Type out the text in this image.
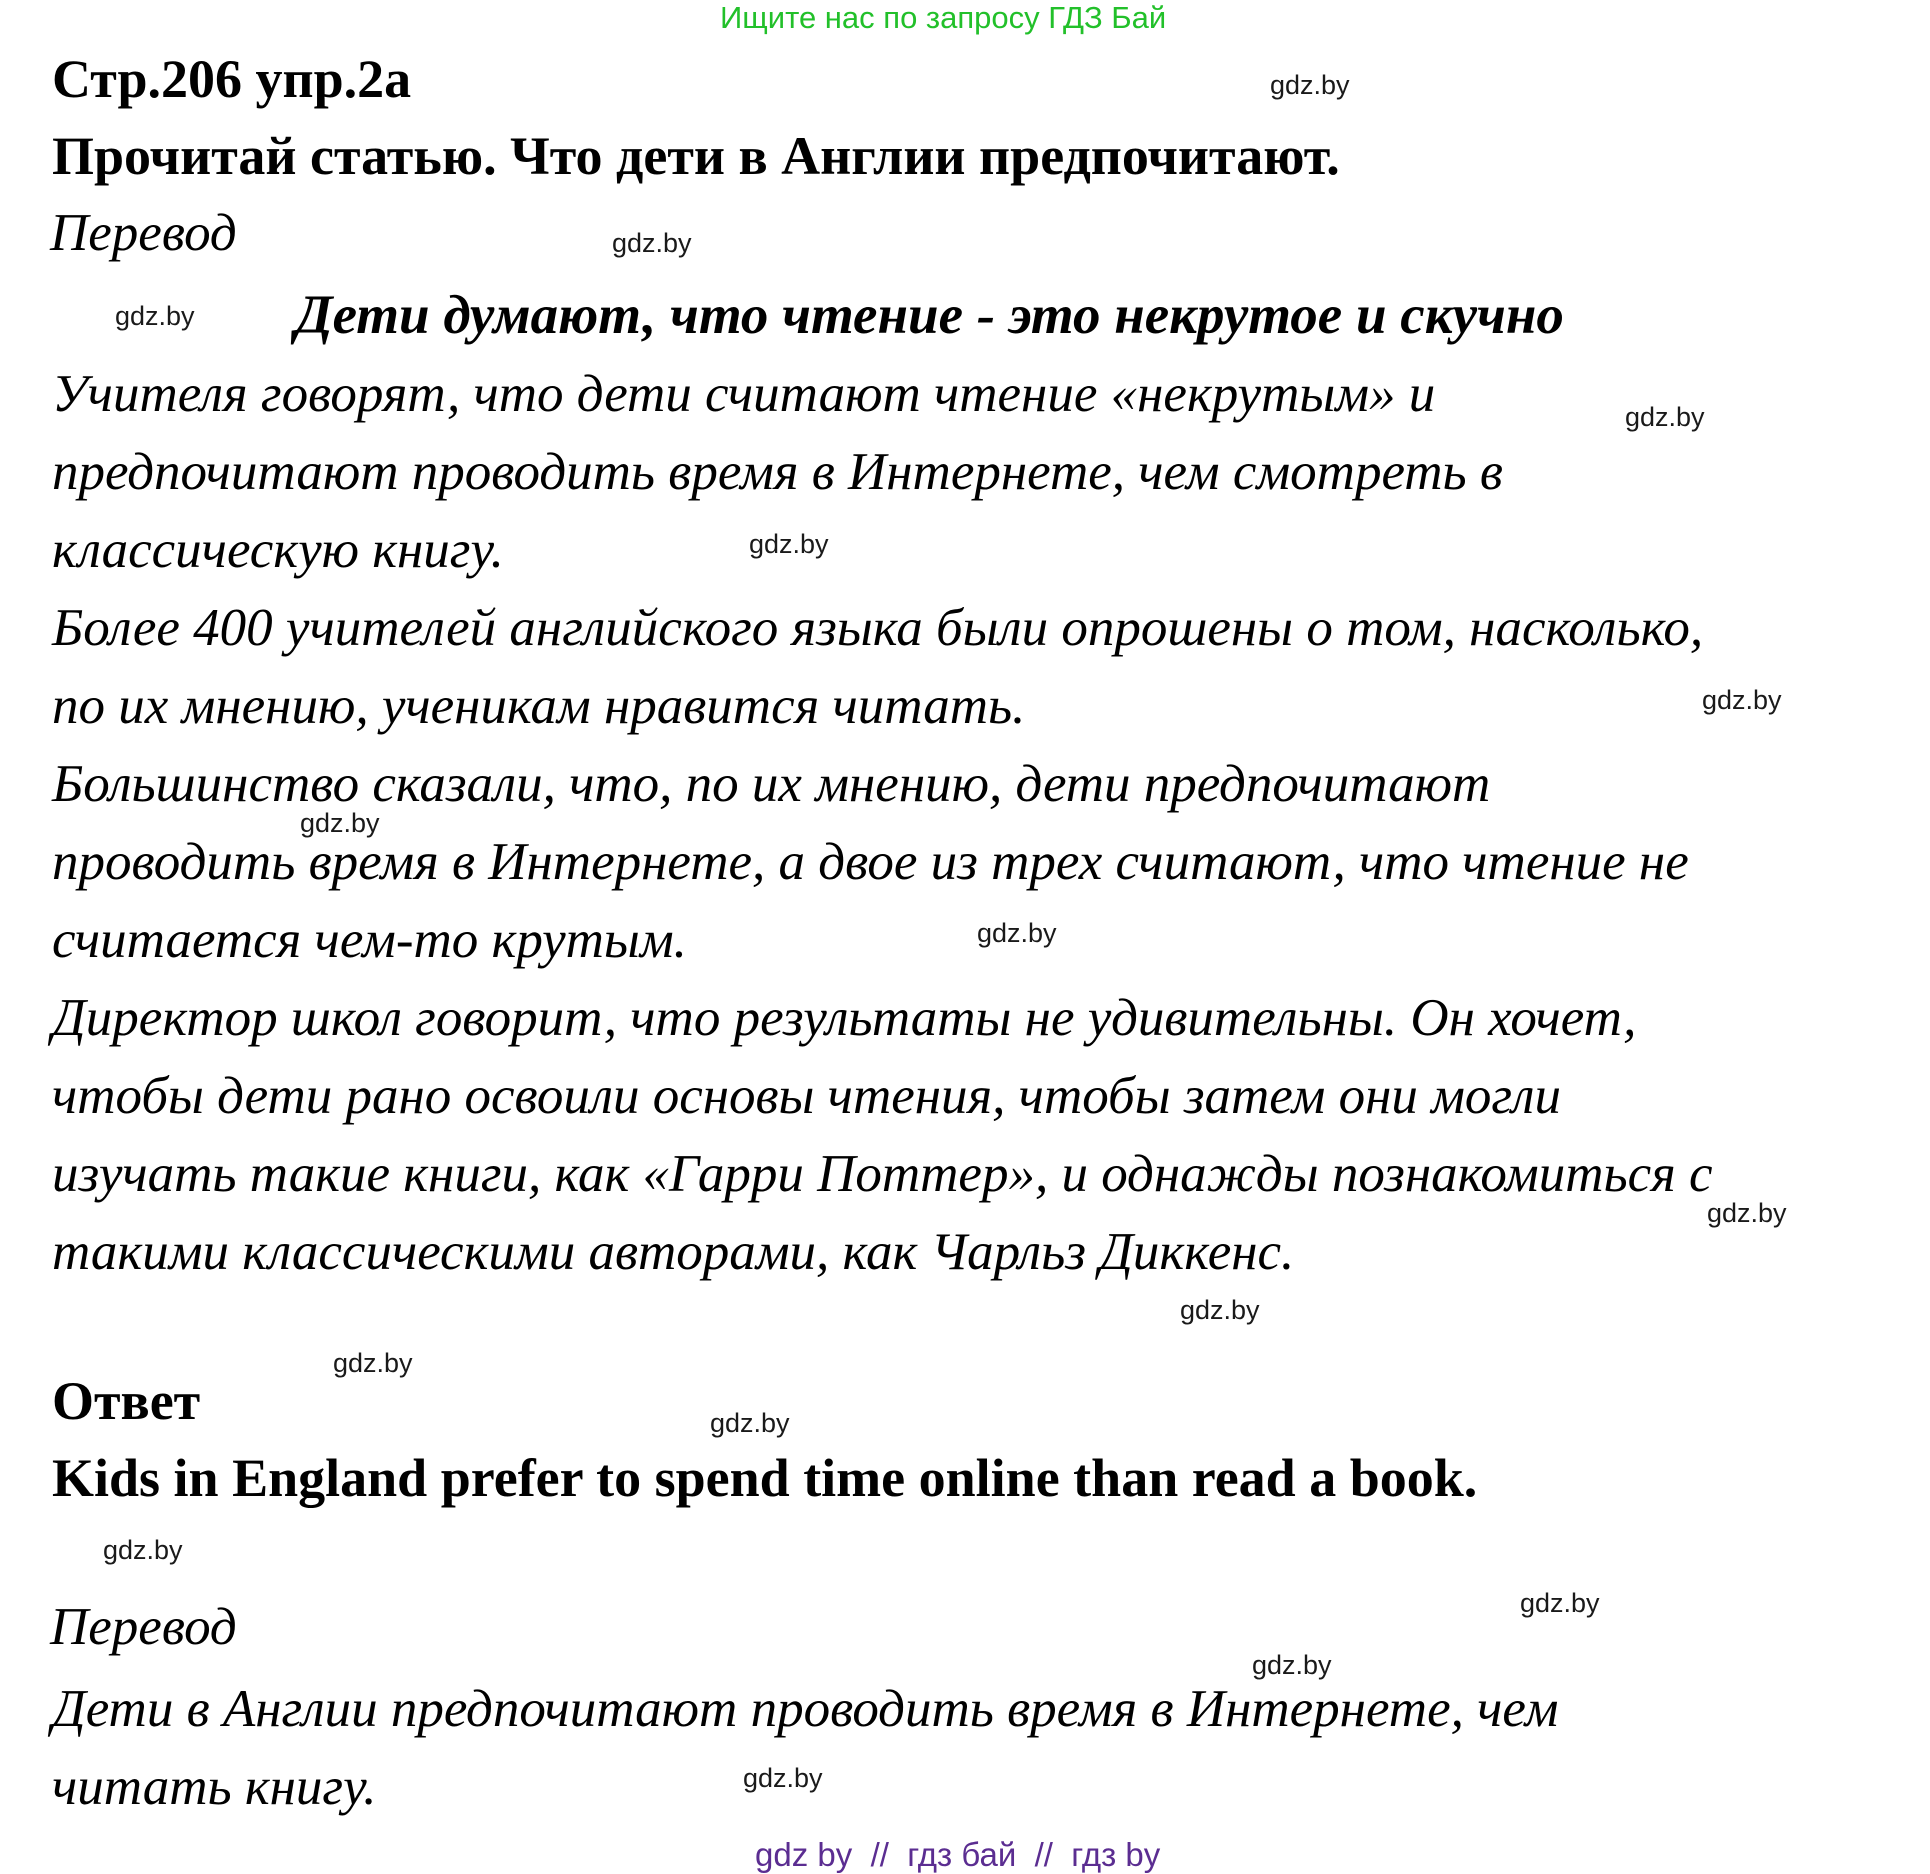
Ищите нас по запросу ГДЗ Бай
Стр.206 упр.2а
Прочитай статью. Что дети в Англии предпочитают.
Перевод
Дети думают, что чтение - это некрутое и скучно
Учителя говорят, что дети считают чтение «некрутым» и
предпочитают проводить время в Интернете, чем смотреть в
классическую книгу.
Более 400 учителей английского языка были опрошены о том, насколько,
по их мнению, ученикам нравится читать.
Большинство сказали, что, по их мнению, дети предпочитают
проводить время в Интернете, а двое из трех считают, что чтение не
считается чем-то крутым.
Директор школ говорит, что результаты не удивительны. Он хочет,
чтобы дети рано освоили основы чтения, чтобы затем они могли
изучать такие книги, как «Гарри Поттер», и однажды познакомиться с
такими классическими авторами, как Чарльз Диккенс.
Ответ
Kids in England prefer to spend time online than read a book.
Перевод
Дети в Англии предпочитают проводить время в Интернете, чем
читать книгу.
gdz.by
gdz.by
gdz.by
gdz.by
gdz.by
gdz.by
gdz.by
gdz.by
gdz.by
gdz.by
gdz.by
gdz.by
gdz.by
gdz.by
gdz.by
gdz.by
gdz by  //  гдз бай  //  гдз by
